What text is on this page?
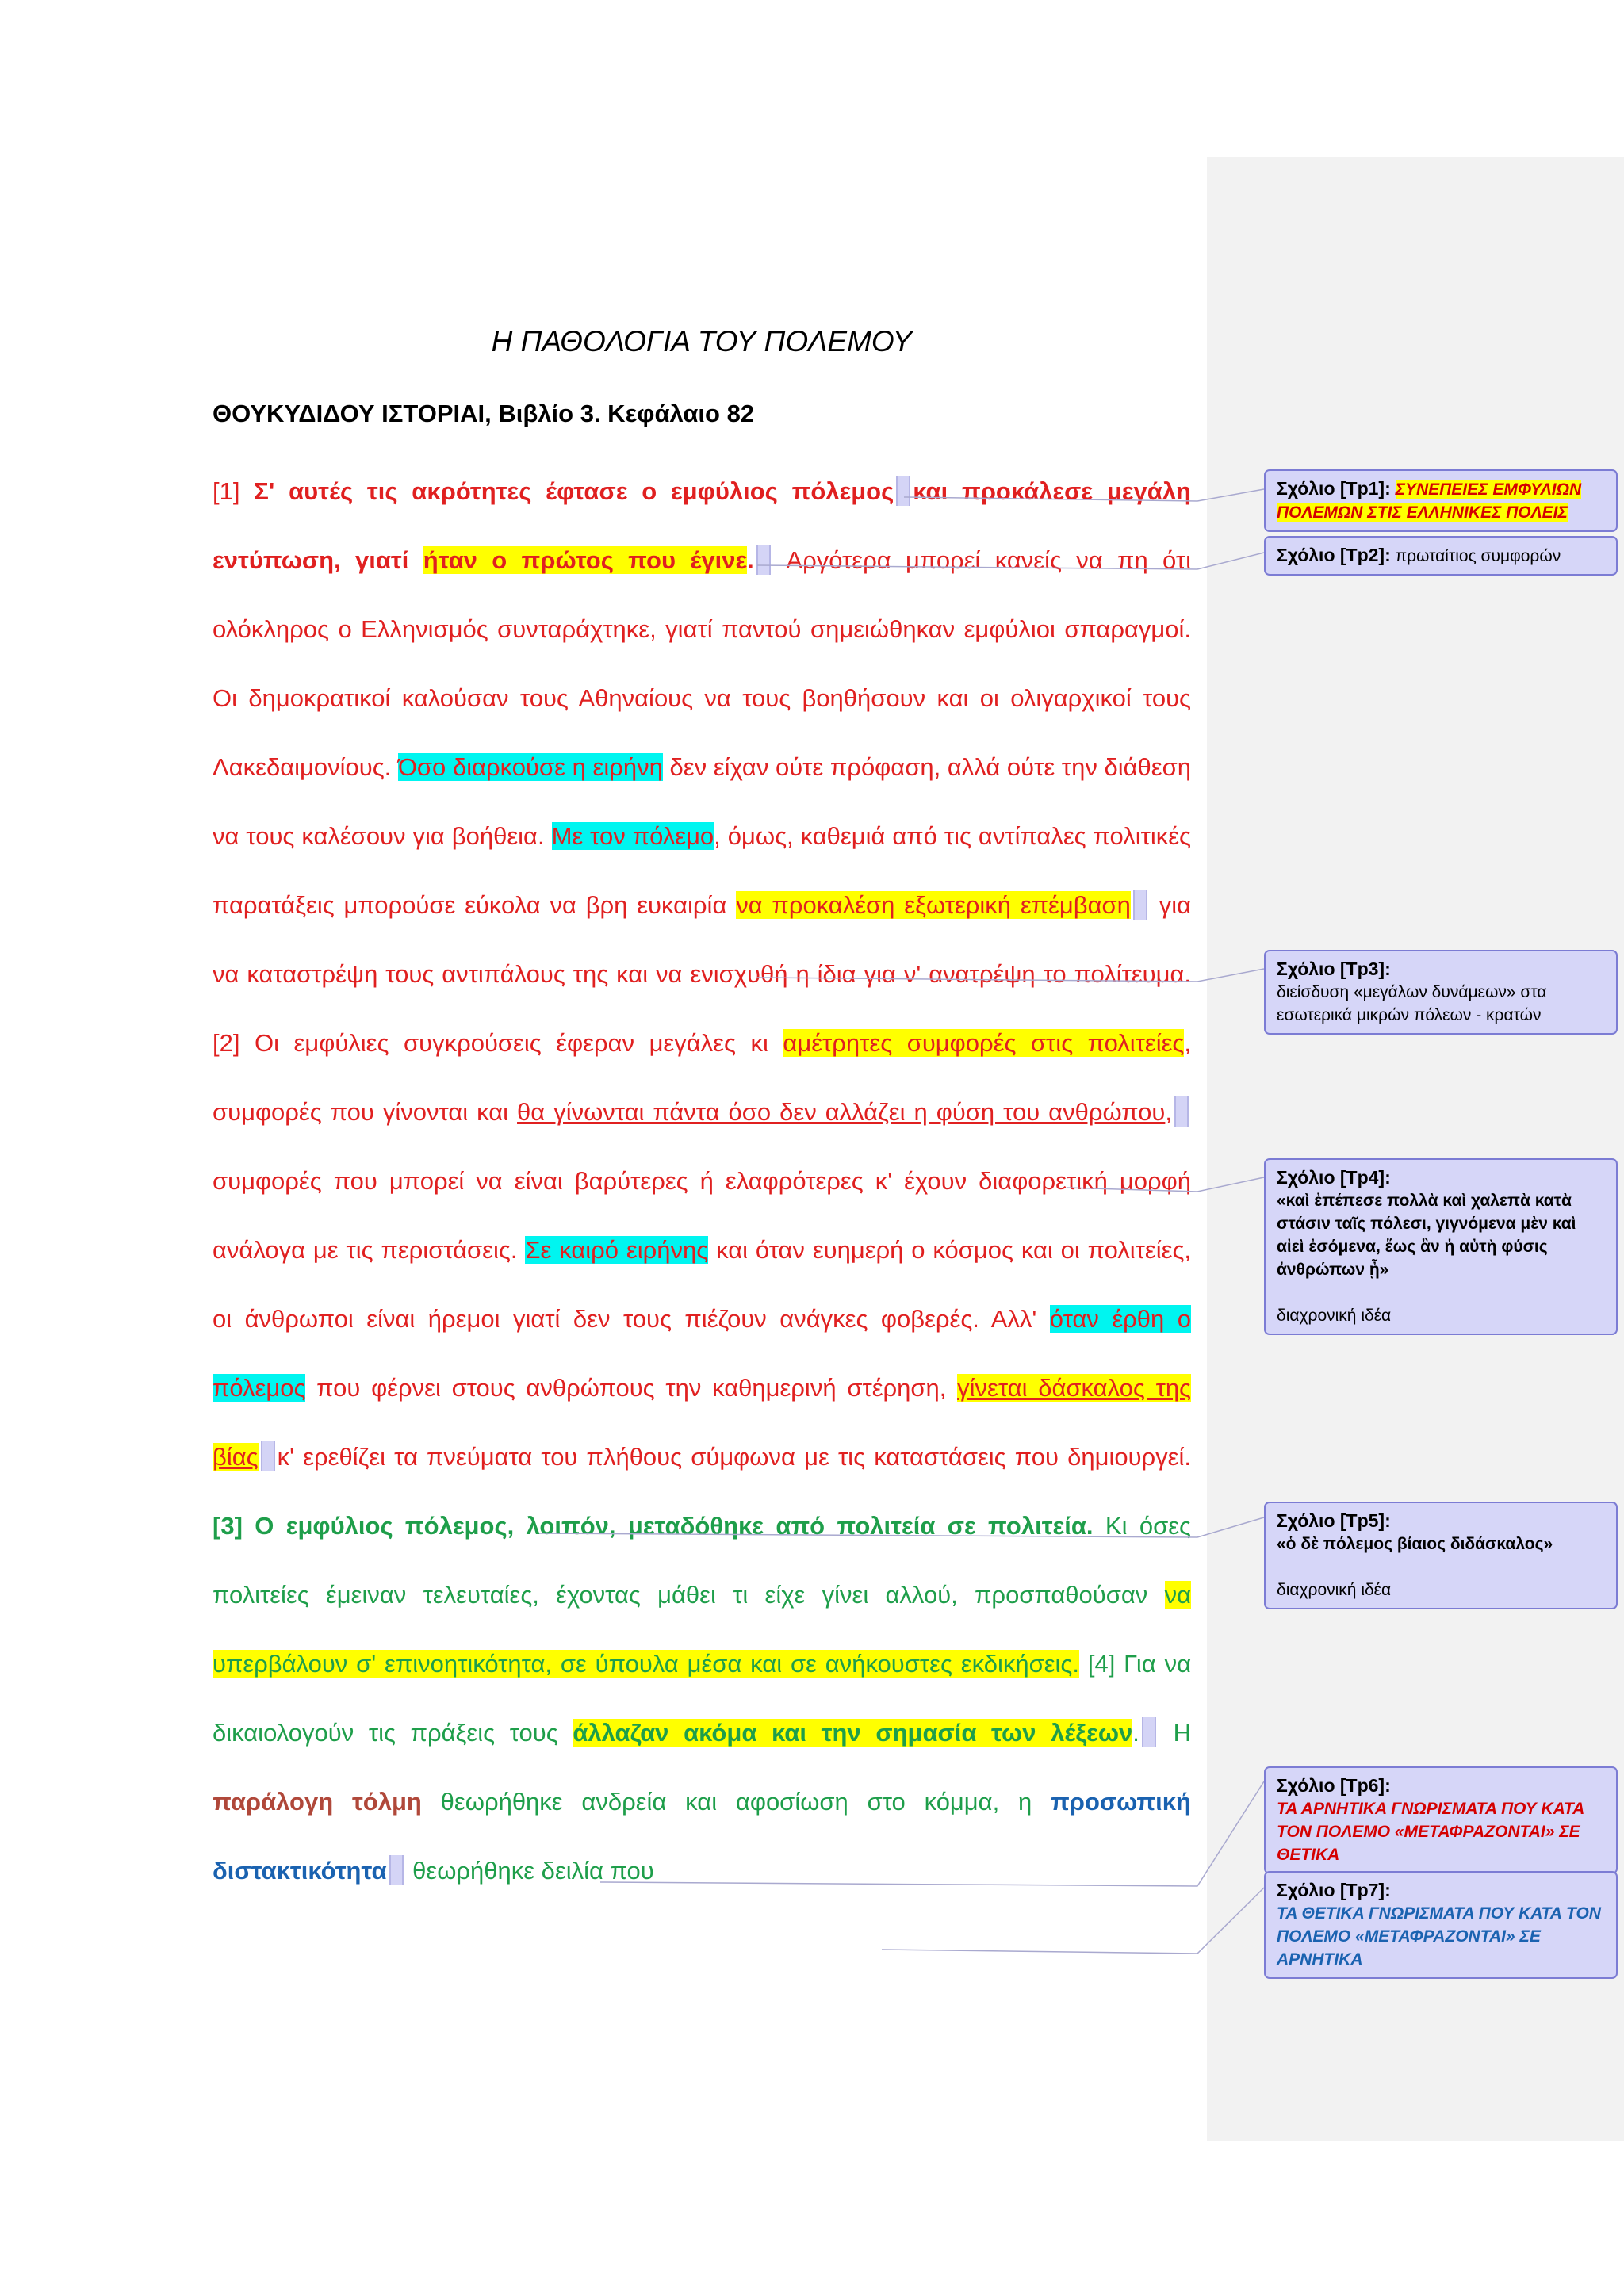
Η ΠΑΘΟΛΟΓΙΑ ΤΟΥ ΠΟΛΕΜΟΥ
ΘΟΥΚΥΔΙΔΟΥ ΙΣΤΟΡΙΑΙ, Βιβλίο 3. Κεφάλαιο 82
[1] Σ' αυτές τις ακρότητες έφτασε ο εμφύλιος πόλεμος και προκάλεσε μεγάλη εντύπωση, γιατί ήταν ο πρώτος που έγινε. Αργότερα μπορεί κανείς να πη ότι ολόκληρος ο Ελληνισμός συνταράχτηκε, γιατί παντού σημειώθηκαν εμφύλιοι σπαραγμοί. Οι δημοκρατικοί καλούσαν τους Αθηναίους να τους βοηθήσουν και οι ολιγαρχικοί τους Λακεδαιμονίους. Όσο διαρκούσε η ειρήνη δεν είχαν ούτε πρόφαση, αλλά ούτε την διάθεση να τους καλέσουν για βοήθεια. Με τον πόλεμο, όμως, καθεμιά από τις αντίπαλες πολιτικές παρατάξεις μπορούσε εύκολα να βρη ευκαιρία να προκαλέση εξωτερική επέμβαση για να καταστρέψη τους αντιπάλους της και να ενισχυθή η ίδια για ν' ανατρέψη το πολίτευμα. [2] Οι εμφύλιες συγκρούσεις έφεραν μεγάλες κι αμέτρητες συμφορές στις πολιτείες, συμφορές που γίνονται και θα γίνωνται πάντα όσο δεν αλλάζει η φύση του ανθρώπου, συμφορές που μπορεί να είναι βαρύτερες ή ελαφρότερες κ' έχουν διαφορετική μορφή ανάλογα με τις περιστάσεις. Σε καιρό ειρήνης και όταν ευημερή ο κόσμος και οι πολιτείες, οι άνθρωποι είναι ήρεμοι γιατί δεν τους πιέζουν ανάγκες φοβερές. Αλλ' όταν έρθη ο πόλεμος που φέρνει στους ανθρώπους την καθημερινή στέρηση, γίνεται δάσκαλος της βίας κ' ερεθίζει τα πνεύματα του πλήθους σύμφωνα με τις καταστάσεις που δημιουργεί. [3] Ο εμφύλιος πόλεμος, λοιπόν, μεταδόθηκε από πολιτεία σε πολιτεία. Κι όσες πολιτείες έμειναν τελευταίες, έχοντας μάθει τι είχε γίνει αλλού, προσπαθούσαν να υπερβάλουν σ' επινοητικότητα, σε ύπουλα μέσα και σε ανήκουστες εκδικήσεις. [4] Για να δικαιολογούν τις πράξεις τους άλλαζαν ακόμα και την σημασία των λέξεων. Η παράλογη τόλμη θεωρήθηκε ανδρεία και αφοσίωση στο κόμμα, η προσωπική διστακτικότητα θεωρήθηκε δειλία που
Σχόλιο [Tp1]: ΣΥΝΕΠΕΙΕΣ ΕΜΦΥΛΙΩΝ ΠΟΛΕΜΩΝ ΣΤΙΣ ΕΛΛΗΝΙΚΕΣ ΠΟΛΕΙΣ
Σχόλιο [Tp2]: πρωταίτιος συμφορών
Σχόλιο [Tp3]:
διείσδυση «μεγάλων δυνάμεων» στα εσωτερικά μικρών πόλεων - κρατών
Σχόλιο [Tp4]:
«καὶ ἐπέπεσε πολλὰ καὶ χαλεπὰ κατὰ στάσιν ταῖς πόλεσι, γιγνόμενα μὲν καὶ αἰεὶ ἐσόμενα, ἕως ἂν ἡ αὐτὴ φύσις ἀνθρώπων ᾖ»
διαχρονική ιδέα
Σχόλιο [Tp5]:
«ὁ δὲ πόλεμος βίαιος διδάσκαλος»
διαχρονική ιδέα
Σχόλιο [Tp6]:
ΤΑ ΑΡΝΗΤΙΚΑ ΓΝΩΡΙΣΜΑΤΑ ΠΟΥ ΚΑΤΑ ΤΟΝ ΠΟΛΕΜΟ «ΜΕΤΑΦΡΑΖΟΝΤΑΙ» ΣΕ ΘΕΤΙΚΑ
Σχόλιο [Tp7]:
ΤΑ ΘΕΤΙΚΑ ΓΝΩΡΙΣΜΑΤΑ ΠΟΥ ΚΑΤΑ ΤΟΝ ΠΟΛΕΜΟ «ΜΕΤΑΦΡΑΖΟΝΤΑΙ» ΣΕ ΑΡΝΗΤΙΚΑ
